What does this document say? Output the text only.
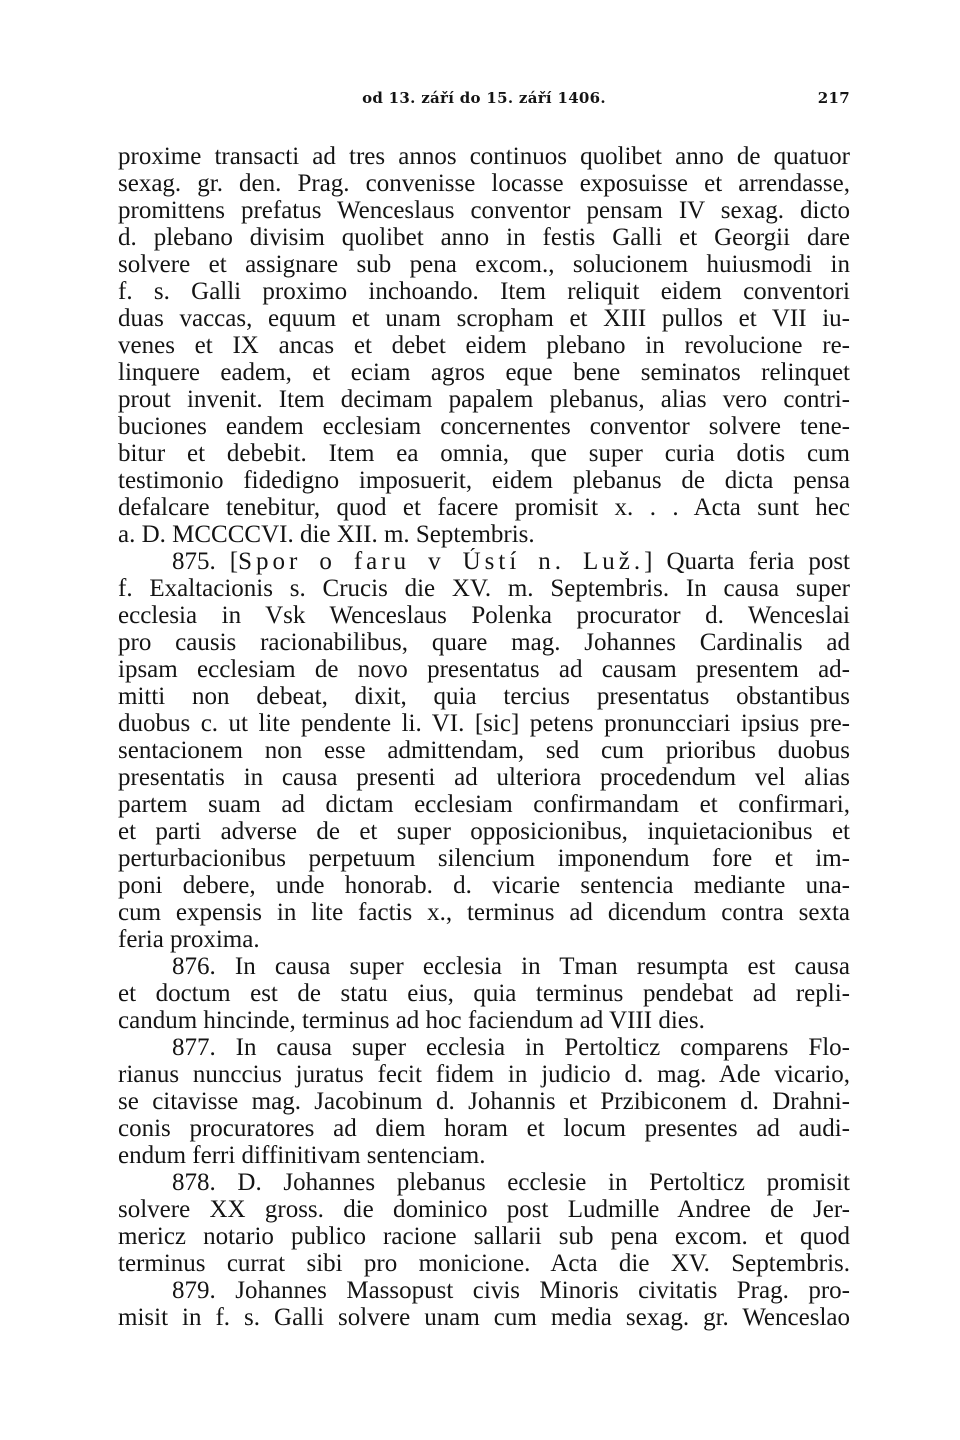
od 13. září do 15. září 1406.	217
proxime transacti ad tres annos continuos quolibet anno de quatuor
sexag. gr. den. Prag. convenisse locasse exposuisse et arrendasse,
promittens prefatus Wenceslaus conventor pensam IV sexag. dicto
d. plebano divisim quolibet anno in festis Galli et Georgii dare
solvere et assignare sub pena excom., solucionem huiusmodi in
f. s. Galli proximo inchoando. Item reliquit eidem conventori
duas vaccas, equum et unam scropham et XIII pullos et VII iu-
venes et IX ancas et debet eidem plebano in revolucione re-
linquere eadem, et eciam agros eque bene seminatos relinquet
prout invenit. Item decimam papalem plebanus, alias vero contri-
buciones eandem ecclesiam concernentes conventor solvere tene-
bitur et debebit. Item ea omnia, que super curia dotis cum
testimonio fidedigno imposuerit, eidem plebanus de dicta pensa
defalcare tenebitur, quod et facere promisit x. . . Acta sunt hec
a. D. MCCCCVI. die XII. m. Septembris.
875. [Spor o faru v Ústí n. Luž.] Quarta feria post
f. Exaltacionis s. Crucis die XV. m. Septembris. In causa super
ecclesia in Vsk Wenceslaus Polenka procurator d. Wenceslai
pro causis racionabilibus, quare mag. Johannes Cardinalis ad
ipsam ecclesiam de novo presentatus ad causam presentem ad-
mitti non debeat, dixit, quia tercius presentatus obstantibus
duobus c. ut lite pendente li. VI. [sic] petens pronuncciari ipsius pre-
sentacionem non esse admittendam, sed cum prioribus duobus
presentatis in causa presenti ad ulteriora procedendum vel alias
partem suam ad dictam ecclesiam confirmandam et confirmari,
et parti adverse de et super opposicionibus, inquietacionibus et
perturbacionibus perpetuum silencium imponendum fore et im-
poni debere, unde honorab. d. vicarie sentencia mediante una-
cum expensis in lite factis x., terminus ad dicendum contra sexta
feria proxima.
876. In causa super ecclesia in Tman resumpta est causa
et doctum est de statu eius, quia terminus pendebat ad repli-
candum hincinde, terminus ad hoc faciendum ad VIII dies.
877. In causa super ecclesia in Pertolticz comparens Flo-
rianus nunccius juratus fecit fidem in judicio d. mag. Ade vicario,
se citavisse mag. Jacobinum d. Johannis et Przibiconem d. Drahni-
conis procuratores ad diem horam et locum presentes ad audi-
endum ferri diffinitivam sentenciam.
878. D. Johannes plebanus ecclesie in Pertolticz promisit
solvere XX gross. die dominico post Ludmille Andree de Jer-
mericz notario publico racione sallarii sub pena excom. et quod
terminus currat sibi pro monicione. Acta die XV. Septembris.
879. Johannes Massopust civis Minoris civitatis Prag. pro-
misit in f. s. Galli solvere unam cum media sexag. gr. Wenceslao
